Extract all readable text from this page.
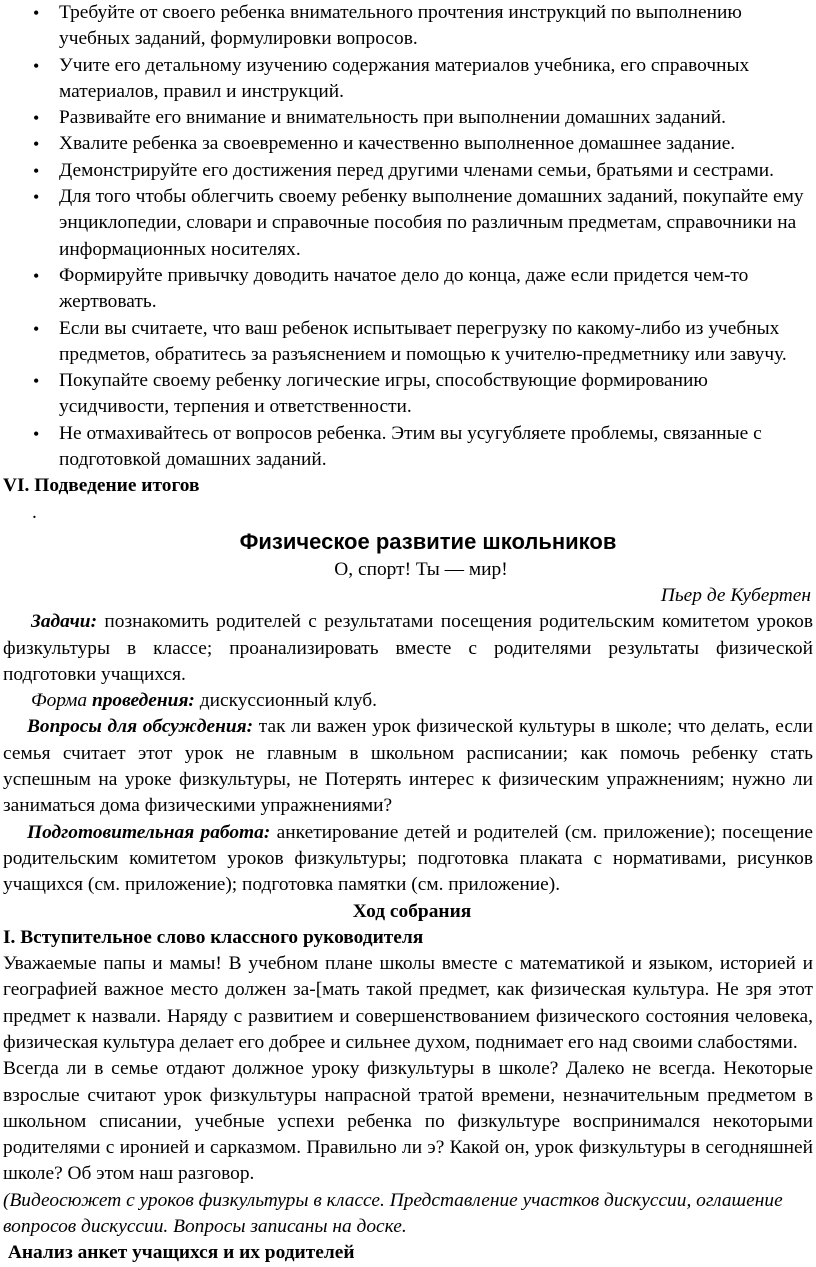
• Требуйте от своего ребенка внимательного прочтения инструкций по выполнению учебных заданий, формулировки вопросов.
• Учите его детальному изучению содержания материалов учебника, его справочных материалов, правил и инструкций.
• Развивайте его внимание и внимательность при выполнении домашних заданий.
• Хвалите ребенка за своевременно и качественно выполненное домашнее задание.
• Демонстрируйте его достижения перед другими членами семьи, братьями и сестрами.
• Для того чтобы облегчить своему ребенку выполнение домашних заданий, покупайте ему энциклопедии, словари и справочные пособия по различным предметам, справочники на информационных носителях.
• Формируйте привычку доводить начатое дело до конца, даже если придется чем-то жертвовать.
• Если вы считаете, что ваш ребенок испытывает перегрузку по какому-либо из учебных предметов, обратитесь за разъяснением и помощью к учителю-предметнику или завучу.
• Покупайте своему ребенку логические игры, способствующие формированию усидчивости, терпения и ответственности.
• Не отмахивайтесь от вопросов ребенка. Этим вы усугубляете проблемы, связанные с подготовкой домашних заданий.

VI. Подведение итогов

.

Физическое развитие школьников

О, спорт! Ты — мир!

Пьер де Кубертен

Задачи: познакомить родителей с результатами посещения родительским комитетом уроков физкультуры в классе; проанализировать вместе с родителями результаты физической подготовки учащихся.

Форма проведения: дискуссионный клуб.

Вопросы для обсуждения: так ли важен урок физической культуры в школе; что делать, если семья считает этот урок не главным в школьном расписании; как помочь ребенку стать успешным на уроке физкультуры, не Потерять интерес к физическим упражнениям; нужно ли заниматься дома физическими упражнениями?

Подготовительная работа: анкетирование детей и родителей (см. приложение); посещение родительским комитетом уроков физкультуры; подготовка плаката с нормативами, рисунков учащихся (см. приложение); подготовка памятки (см. приложение).

Ход собрания

I. Вступительное слово классного руководителя

Уважаемые папы и мамы! В учебном плане школы вместе с математикой и языком, историей и географией важное место должен за-[мать такой предмет, как физическая культура. Не зря этот предмет к назвали. Наряду с развитием и совершенствованием физического состояния человека, физическая культура делает его добрее и сильнее духом, поднимает его над своими слабостями.

Всегда ли в семье отдают должное уроку физкультуры в школе? Далеко не всегда. Некоторые взрослые считают урок физкультуры напрасной тратой времени, незначительным предметом в школьном списании, учебные успехи ребенка по физкультуре воспринимался некоторыми родителями с иронией и сарказмом. Правильно ли э? Какой он, урок физкультуры в сегодняшней школе? Об этом наш разговор.

(Видеосюжет с уроков физкультуры в классе. Представление участков дискуссии, оглашение вопросов дискуссии. Вопросы записаны на доске.

Анализ анкет учащихся и их родителей
